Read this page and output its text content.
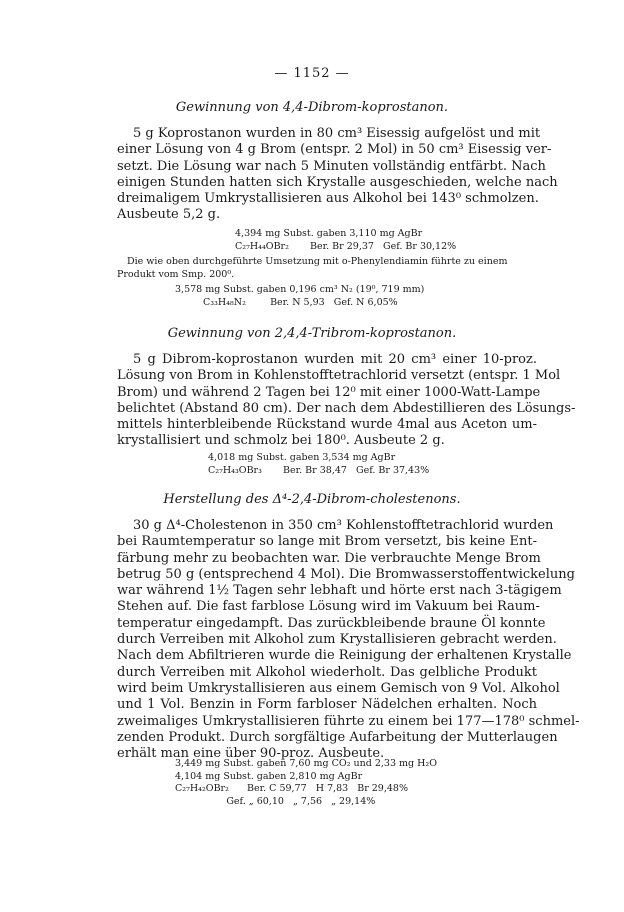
— 1152 —
Gewinnung von 4,4-Dibrom-koprostanon.
5 g Koprostanon wurden in 80 cm³ Eisessig aufgelöst und mit
einer Lösung von 4 g Brom (entspr. 2 Mol) in 50 cm³ Eisessig ver-
setzt. Die Lösung war nach 5 Minuten vollständig entfärbt. Nach
einigen Stunden hatten sich Krystalle ausgeschieden, welche nach
dreimaligem Umkrystallisieren aus Alkohol bei 143⁰ schmolzen.
Ausbeute 5,2 g.
4,394 mg Subst. gaben 3,110 mg AgBr
C₂₇H₄₄OBr₂       Ber. Br 29,37   Gef. Br 30,12%
Die wie oben durchgeführte Umsetzung mit o-Phenylendiamin führte zu einem
Produkt vom Smp. 200⁰.
3,578 mg Subst. gaben 0,196 cm³ N₂ (19⁰, 719 mm)
C₃₃H₄₈N₂        Ber. N 5,93   Gef. N 6,05%
Gewinnung von 2,4,4-Tribrom-koprostanon.
5 g Dibrom-koprostanon wurden mit 20 cm³ einer 10-proz.
Lösung von Brom in Kohlenstofftetrachlorid versetzt (entspr. 1 Mol
Brom) und während 2 Tagen bei 12⁰ mit einer 1000-Watt-Lampe
belichtet (Abstand 80 cm). Der nach dem Abdestillieren des Lösungs-
mittels hinterbleibende Rückstand wurde 4mal aus Aceton um-
krystallisiert und schmolz bei 180⁰. Ausbeute 2 g.
4,018 mg Subst. gaben 3,534 mg AgBr
C₂₇H₄₃OBr₃       Ber. Br 38,47   Gef. Br 37,43%
Herstellung des Δ⁴-2,4-Dibrom-cholestenons.
30 g Δ⁴-Cholestenon in 350 cm³ Kohlenstofftetrachlorid wurden
bei Raumtemperatur so lange mit Brom versetzt, bis keine Ent-
färbung mehr zu beobachten war. Die verbrauchte Menge Brom
betrug 50 g (entsprechend 4 Mol). Die Bromwasserstoffentwickelung
war während 1½ Tagen sehr lebhaft und hörte erst nach 3-tägigem
Stehen auf. Die fast farblose Lösung wird im Vakuum bei Raum-
temperatur eingedampft. Das zurückbleibende braune Öl konnte
durch Verreiben mit Alkohol zum Krystallisieren gebracht werden.
Nach dem Abfiltrieren wurde die Reinigung der erhaltenen Krystalle
durch Verreiben mit Alkohol wiederholt. Das gelbliche Produkt
wird beim Umkrystallisieren aus einem Gemisch von 9 Vol. Alkohol
und 1 Vol. Benzin in Form farbloser Nädelchen erhalten. Noch
zweimaliges Umkrystallisieren führte zu einem bei 177—178⁰ schmel-
zenden Produkt. Durch sorgfältige Aufarbeitung der Mutterlaugen
erhält man eine über 90-proz. Ausbeute.
3,449 mg Subst. gaben 7,60 mg CO₂ und 2,33 mg H₂O
4,104 mg Subst. gaben 2,810 mg AgBr
C₂₇H₄₂OBr₂      Ber. C 59,77   H 7,83   Br 29,48%
Gef. „ 60,10   „ 7,56   „ 29,14%
